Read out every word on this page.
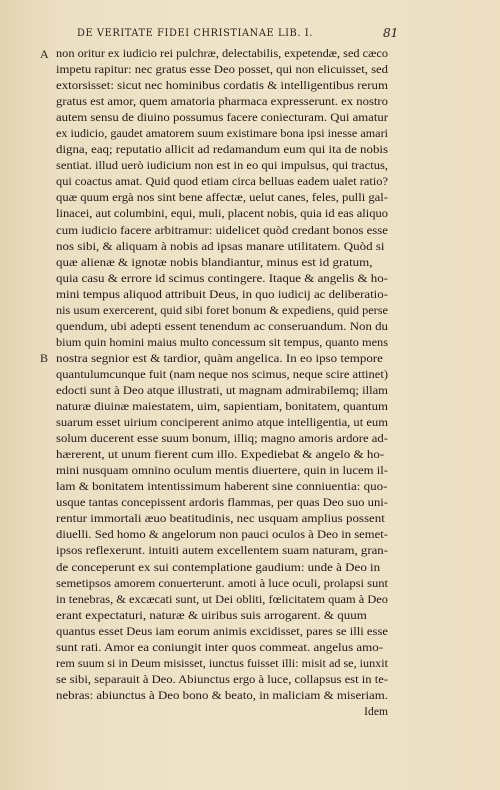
DE VERITATE FIDEI CHRISTIANAE LIB. I.	81
A
B
non oritur ex iudicio rei pulchræ, delectabilis, expetendæ, sed cæco
impetu rapitur: nec gratus esse Deo posset, qui non elicuisset, sed
extorsisset: sicut nec hominibus cordatis & intelligentibus rerum
gratus est amor, quem amatoria pharmaca expresserunt. ex nostro
autem sensu de diuino possumus facere coniecturam. Qui amatur
ex iudicio, gaudet amatorem suum existimare bona ipsi inesse amari
digna, eaq; reputatio allicit ad redamandum eum qui ita de nobis
sentiat. illud uerò iudicium non est in eo qui impulsus, qui tractus,
qui coactus amat. Quid quod etiam circa belluas eadem ualet ratio?
quæ quum ergà nos sint bene affectæ, uelut canes, feles, pulli gal-
linacei, aut columbini, equi, muli, placent nobis, quia id eas aliquo
cum iudicio facere arbitramur: uidelicet quòd credant bonos esse
nos sibi, & aliquam à nobis ad ipsas manare utilitatem. Quòd si
quæ alienæ & ignotæ nobis blandiantur, minus est id gratum,
quia casu & errore id scimus contingere. Itaque & angelis & ho-
mini tempus aliquod attribuit Deus, in quo iudicij ac deliberatio-
nis usum exercerent, quid sibi foret bonum & expediens, quid perse
quendum, ubi adepti essent tenendum ac conseruandum. Non du
bium quin homini maius multo concessum sit tempus, quanto mens
nostra segnior est & tardior, quàm angelica. In eo ipso tempore
quantulumcunque fuit (nam neque nos scimus, neque scire attinet)
edocti sunt à Deo atque illustrati, ut magnam admirabilemq; illam
naturæ diuinæ maiestatem, uim, sapientiam, bonitatem, quantum
suarum esset uirium conciperent animo atque intelligentia, ut eum
solum ducerent esse suum bonum, illiq; magno amoris ardore ad-
hærerent, ut unum fierent cum illo. Expediebat & angelo & ho-
mini nusquam omnino oculum mentis diuertere, quin in lucem il-
lam & bonitatem intentissimum haberent sine conniuentia: quo-
usque tantas concepissent ardoris flammas, per quas Deo suo uni-
rentur immortali æuo beatitudinis, nec usquam amplius possent
diuelli. Sed homo & angelorum non pauci oculos à Deo in semet-
ipsos reflexerunt. intuiti autem excellentem suam naturam, gran-
de conceperunt ex sui contemplatione gaudium: unde à Deo in
semetipsos amorem conuerterunt. amoti à luce oculi, prolapsi sunt
in tenebras, & excæcati sunt, ut Dei obliti, fœlicitatem quam à Deo
erant expectaturi, naturæ & uiribus suis arrogarent. & quum
quantus esset Deus iam eorum animis excidisset, pares se illi esse
sunt rati. Amor ea coniungit inter quos commeat. angelus amo-
rem suum si in Deum misisset, iunctus fuisset illi: misit ad se, iunxit
se sibi, separauit à Deo. Abiunctus ergo à luce, collapsus est in te-
nebras: abiunctus à Deo bono & beato, in maliciam & miseriam.
Idem
